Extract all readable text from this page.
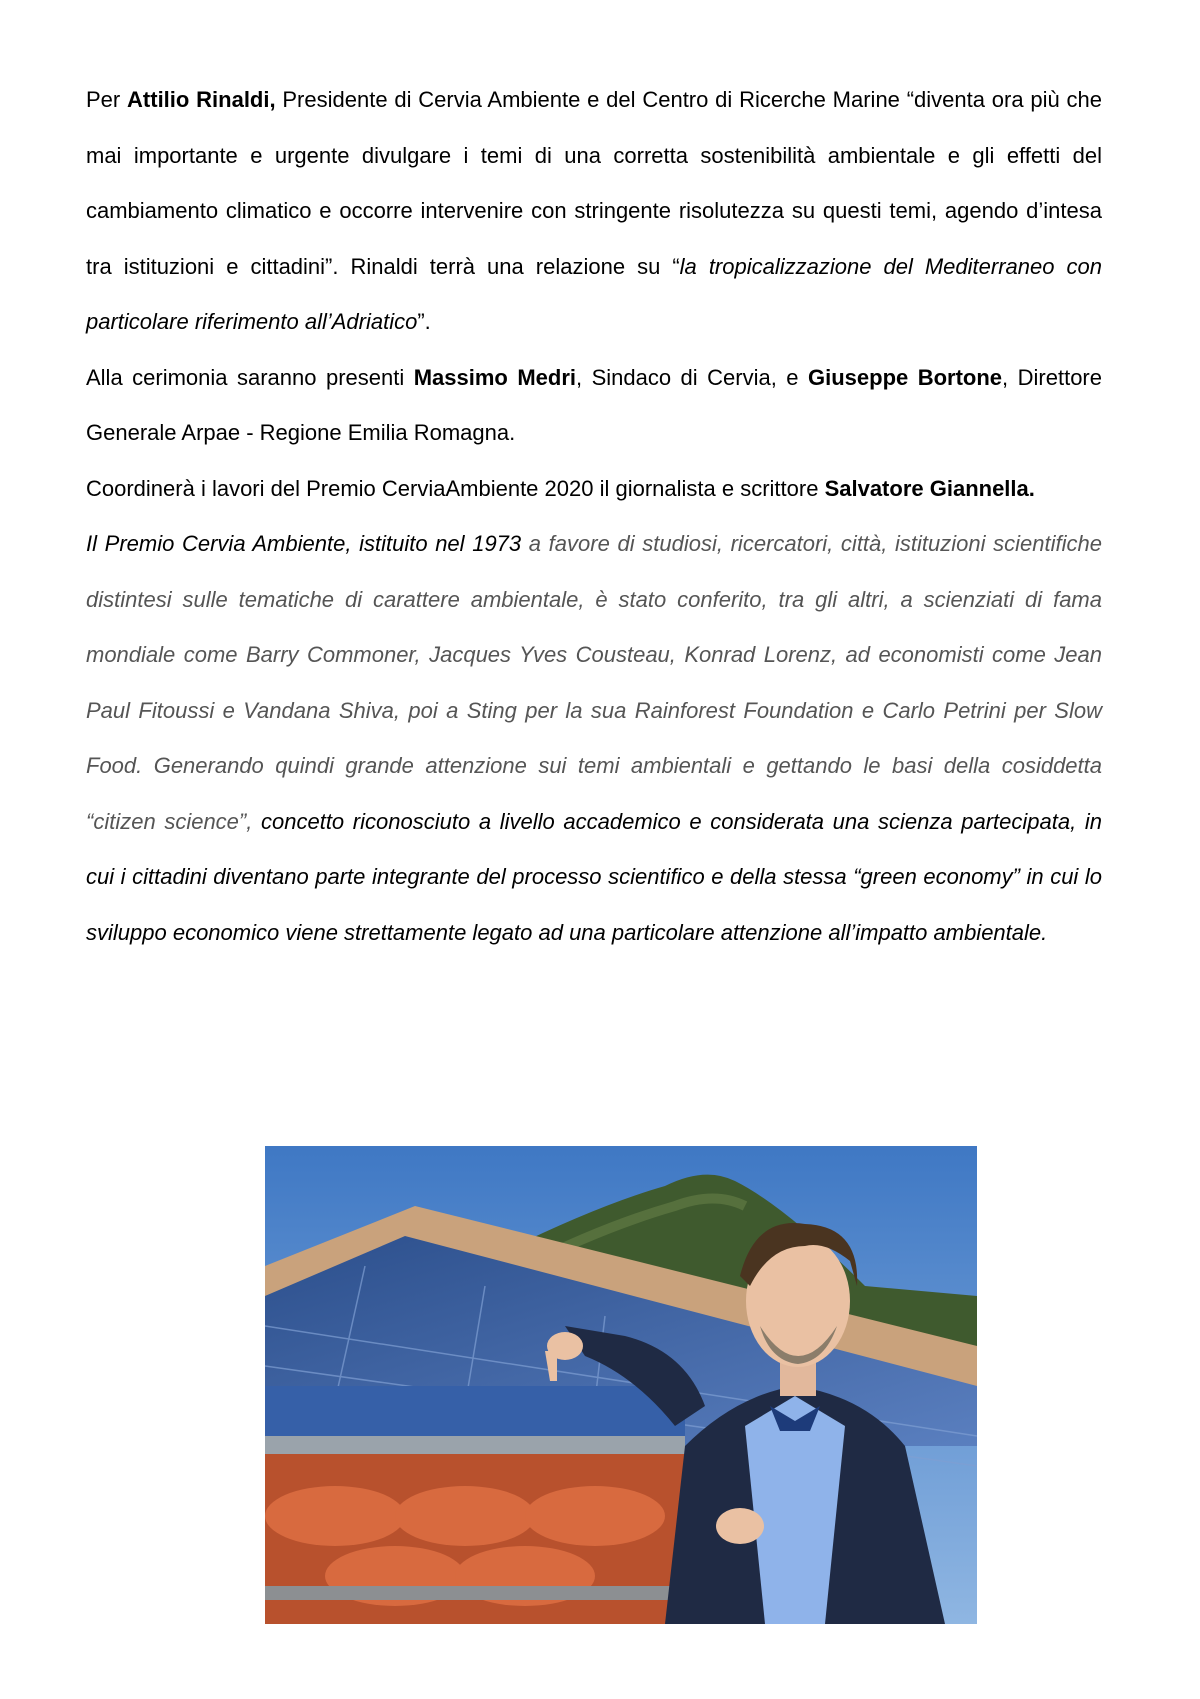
Per Attilio Rinaldi, Presidente di Cervia Ambiente e del Centro di Ricerche Marine “diventa ora più che mai importante e urgente divulgare i temi di una corretta sostenibilità ambientale e gli effetti del cambiamento climatico e occorre intervenire con stringente risolutezza su questi temi, agendo d’intesa tra istituzioni e cittadini”. Rinaldi terrà una relazione su “la tropicalizzazione del Mediterraneo con particolare riferimento all’Adriatico”.

Alla cerimonia saranno presenti Massimo Medri, Sindaco di Cervia, e Giuseppe Bortone, Direttore Generale Arpae - Regione Emilia Romagna.

Coordinerà i lavori del Premio CerviaAmbiente 2020 il giornalista e scrittore Salvatore Giannella.

Il Premio Cervia Ambiente, istituito nel 1973 a favore di studiosi, ricercatori, città, istituzioni scientifiche distintesi sulle tematiche di carattere ambientale, è stato conferito, tra gli altri, a scienziati di fama mondiale come Barry Commoner, Jacques Yves Cousteau, Konrad Lorenz, ad economisti come Jean Paul Fitoussi e Vandana Shiva, poi a Sting per la sua Rainforest Foundation e Carlo Petrini per Slow Food. Generando quindi grande attenzione sui temi ambientali e gettando le basi della cosiddetta “citizen science”, concetto riconosciuto a livello accademico e considerata una scienza partecipata, in cui i cittadini diventano parte integrante del processo scientifico e della stessa “green economy” in cui lo sviluppo economico viene strettamente legato ad una particolare attenzione all’impatto ambientale.
